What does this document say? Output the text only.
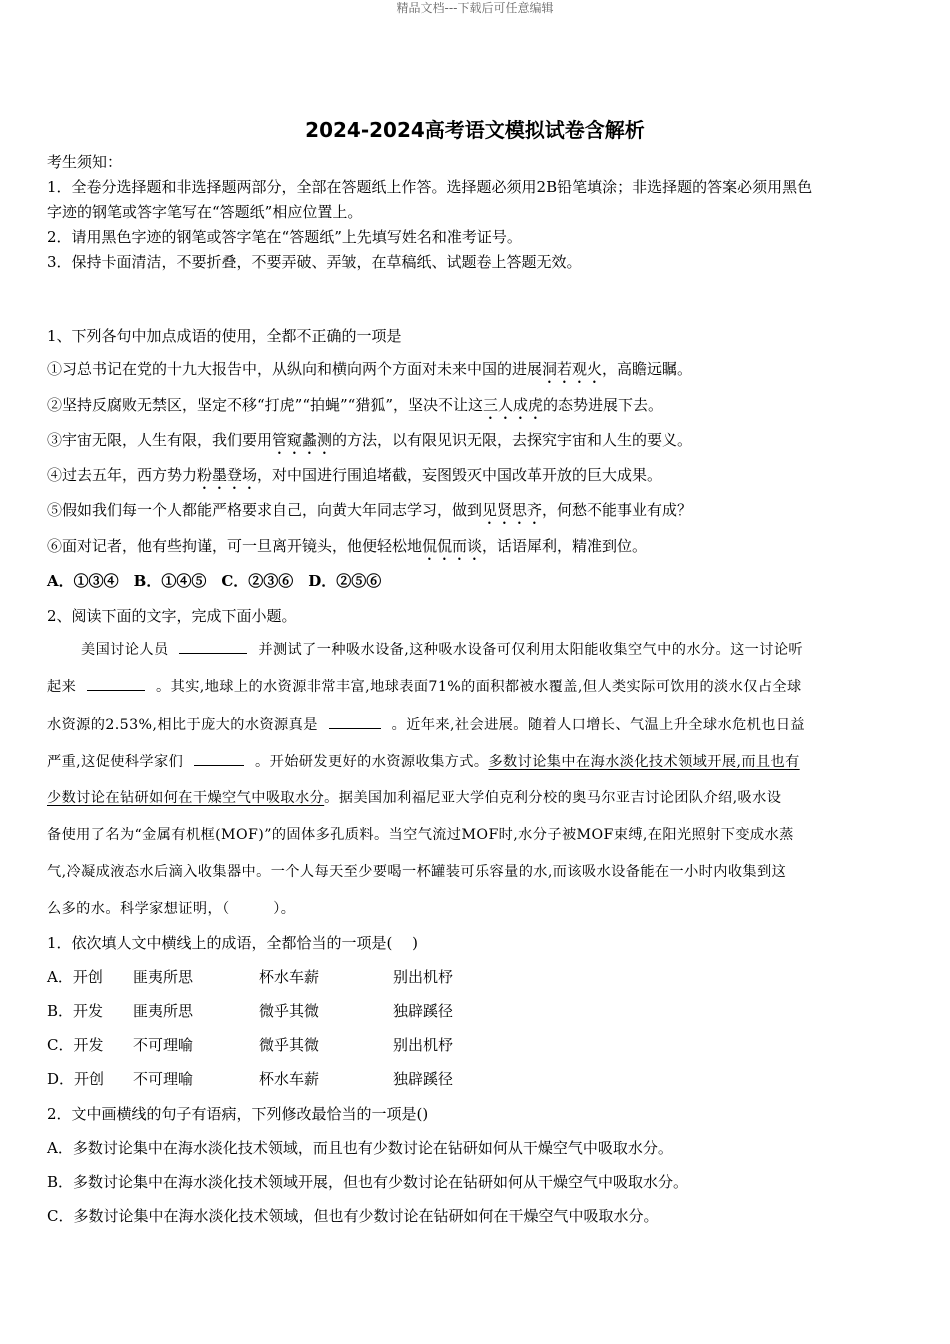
精品文档---下载后可任意编辑
2024-2024高考语文模拟试卷含解析
考生须知：
1．全卷分选择题和非选择题两部分，全部在答题纸上作答。选择题必须用2B铅笔填涂；非选择题的答案必须用黑色
字迹的钢笔或答字笔写在“答题纸”相应位置上。
2．请用黑色字迹的钢笔或答字笔在“答题纸”上先填写姓名和准考证号。
3．保持卡面清洁，不要折叠，不要弄破、弄皱，在草稿纸、试题卷上答题无效。
1、下列各句中加点成语的使用，全都不正确的一项是
①习总书记在党的十九大报告中，从纵向和横向两个方面对未来中国的进展洞若观火，高瞻远瞩。
②坚持反腐败无禁区，坚定不移“打虎”“拍蝇”“猎狐”，坚决不让这三人成虎的态势进展下去。
③宇宙无限，人生有限，我们要用管窥蠡测的方法，以有限见识无限，去探究宇宙和人生的要义。
④过去五年，西方势力粉墨登场，对中国进行围追堵截，妄图毁灭中国改革开放的巨大成果。
⑤假如我们每一个人都能严格要求自己，向黄大年同志学习，做到见贤思齐，何愁不能事业有成？
⑥面对记者，他有些拘谨，可一旦离开镜头，他便轻松地侃侃而谈，话语犀利，精准到位。
A．①③④　B．①④⑤　C．②③⑥　D．②⑤⑥
2、阅读下面的文字，完成下面小题。
美国讨论人员	并测试了一种吸水设备,这种吸水设备可仅利用太阳能收集空气中的水分。这一讨论听
起来	。其实,地球上的水资源非常丰富,地球表面71%的面积都被水覆盖,但人类实际可饮用的淡水仅占全球
水资源的2.53%,相比于庞大的水资源真是	。近年来,社会进展。随着人口增长、气温上升全球水危机也日益
严重,这促使科学家们	。开始研发更好的水资源收集方式。多数讨论集中在海水淡化技术领域开展,而且也有
少数讨论在钻研如何在干燥空气中吸取水分。据美国加利福尼亚大学伯克利分校的奥马尔亚吉讨论团队介绍,吸水设
备使用了名为“金属有机框(MOF)”的固体多孔质料。当空气流过MOF时,水分子被MOF束缚,在阳光照射下变成水蒸
气,冷凝成液态水后滴入收集器中。一个人每天至少要喝一杯罐装可乐容量的水,而该吸水设备能在一小时内收集到这
么多的水。科学家想证明，（　　　）。
1．依次填人文中横线上的成语，全都恰当的一项是(　 )
A．开创 匪夷所思	杯水车薪	别出机杼
B．开发 匪夷所思	微乎其微	独辟蹊径
C．开发 不可理喻	微乎其微	别出机杼
D．开创 不可理喻	杯水车薪	独辟蹊径
2．文中画横线的句子有语病，下列修改最恰当的一项是()
A．多数讨论集中在海水淡化技术领域，而且也有少数讨论在钻研如何从干燥空气中吸取水分。
B．多数讨论集中在海水淡化技术领域开展，但也有少数讨论在钻研如何从干燥空气中吸取水分。
C．多数讨论集中在海水淡化技术领域，但也有少数讨论在钻研如何在干燥空气中吸取水分。
